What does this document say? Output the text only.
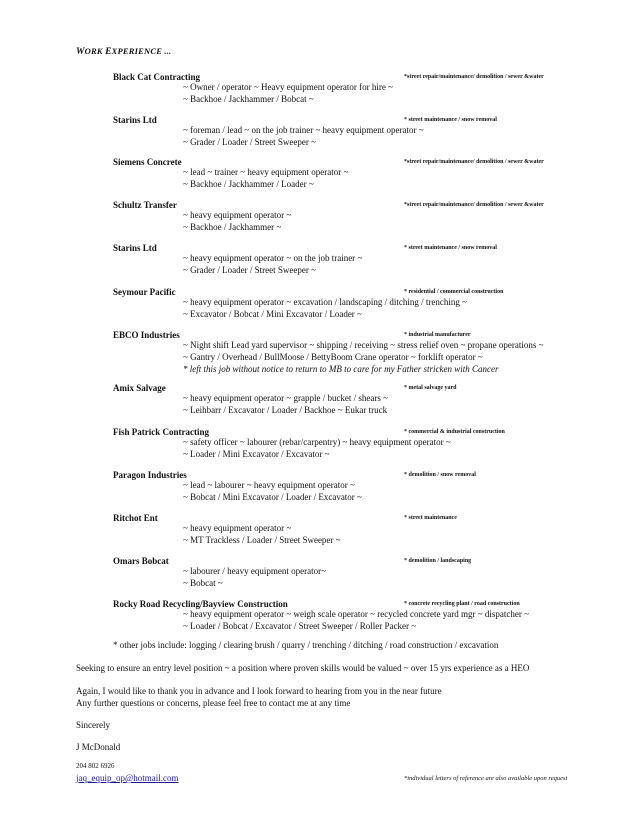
WORK EXPERIENCE ...
Black Cat Contracting	*street repair/maintenance/ demolition / sewer &water
~ Owner / operator ~ Heavy equipment operator for hire ~
~ Backhoe / Jackhammer / Bobcat ~
Starins Ltd	* street maintenance / snow removal
~ foreman / lead ~ on the job trainer ~ heavy equipment operator ~
~ Grader / Loader / Street Sweeper ~
Siemens Concrete	*street repair/maintenance/ demolition / sewer &water
~ lead ~ trainer ~ heavy equipment operator ~
~ Backhoe / Jackhammer / Loader ~
Schultz Transfer	*street repair/maintenance/ demolition / sewer &water
~ heavy equipment operator ~
~ Backhoe / Jackhammer ~
Starins Ltd	* street maintenance / snow removal
~ heavy equipment operator ~ on the job trainer ~
~ Grader / Loader / Street Sweeper ~
Seymour Pacific	* residential / commercial construction
~ heavy equipment operator ~ excavation / landscaping / ditching / trenching ~
~ Excavator / Bobcat / Mini Excavator / Loader ~
EBCO Industries	* industrial manufacturer
~ Night shift Lead yard supervisor ~ shipping / receiving ~ stress relief oven ~ propane operations ~
~ Gantry / Overhead / BullMoose / BettyBoom Crane operator ~ forklift operator ~
* left this job without notice to return to MB to care for my Father stricken with Cancer
Amix Salvage	* metal salvage yard
~ heavy equipment operator ~ grapple / bucket / shears ~
~ Leihbarr / Excavator / Loader / Backhoe ~ Eukar truck
Fish Patrick Contracting	* commercial & industrial construction
~ safety officer ~ labourer (rebar/carpentry) ~ heavy equipment operator ~
~ Loader / Mini Excavator / Excavator ~
Paragon Industries	* demolition / snow removal
~ lead ~ labourer ~ heavy equipment operator ~
~ Bobcat / Mini Excavator / Loader / Excavator ~
Ritchot Ent	* street maintenance
~ heavy equipment operator ~
~ MT Trackless / Loader / Street Sweeper ~
Omars Bobcat	* demolition / landscaping
~ labourer / heavy equipment operator~
~ Bobcat ~
Rocky Road Recycling/Bayview Construction	* concrete recycling plant / road construction
~ heavy equipment operator ~ weigh scale operator ~ recycled concrete yard mgr ~ dispatcher ~
~ Loader / Bobcat / Excavator / Street Sweeper / Roller Packer ~
* other jobs include: logging / clearing brush / quarry / trenching / ditching / road construction / excavation
Seeking to ensure an entry level position ~ a position where proven skills would be valued ~ over 15 yrs experience as a HEO
Again, I would like to thank you in advance and I look forward to hearing from you in the near future
Any further questions or concerns, please feel free to contact me at any time
Sincerely
J McDonald
204 802 6926
jaq_equip_op@hotmail.com	*individual letters of reference are also available upon request
